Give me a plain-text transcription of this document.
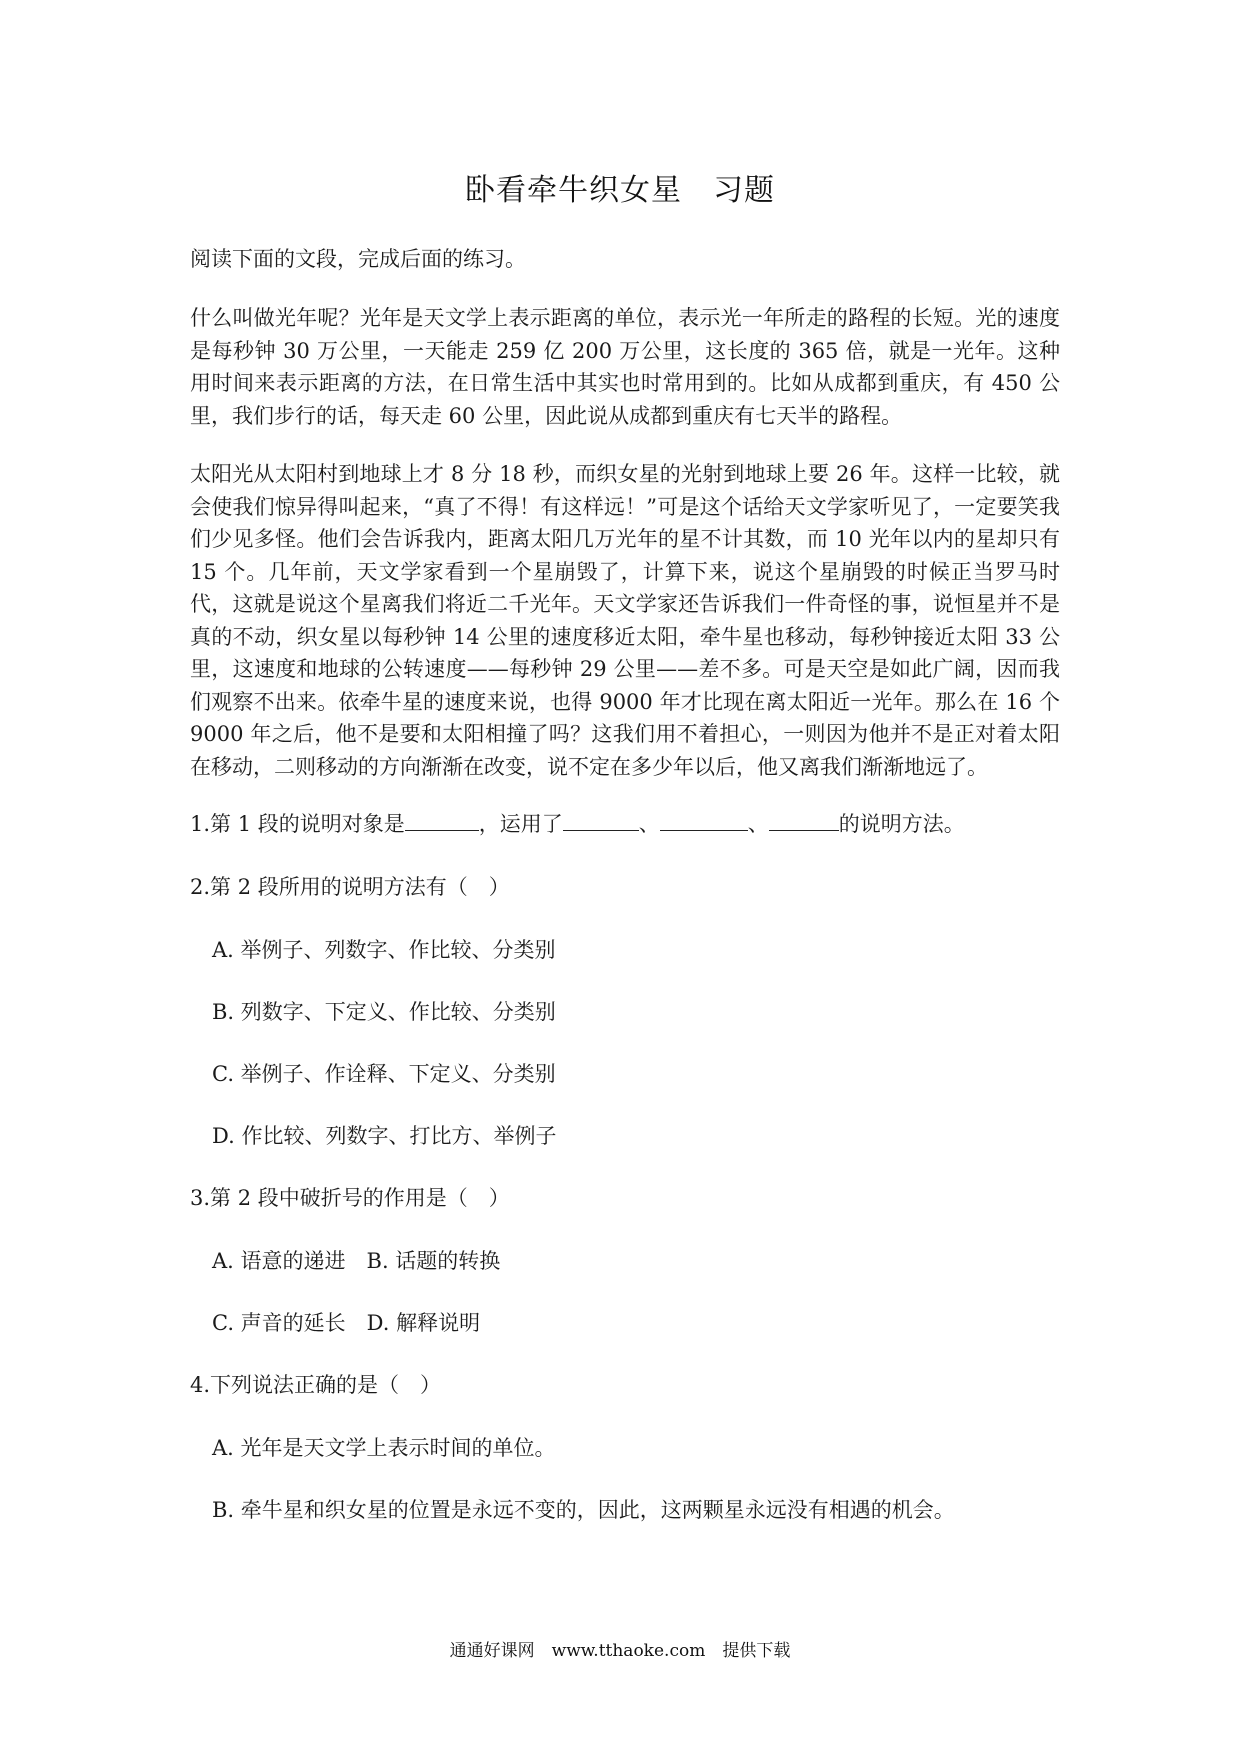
卧看牵牛织女星　习题

阅读下面的文段，完成后面的练习。

什么叫做光年呢？光年是天文学上表示距离的单位，表示光一年所走的路程的长短。光的速度是每秒钟 30 万公里，一天能走 259 亿 200 万公里，这长度的 365 倍，就是一光年。这种用时间来表示距离的方法，在日常生活中其实也时常用到的。比如从成都到重庆，有 450 公里，我们步行的话，每天走 60 公里，因此说从成都到重庆有七天半的路程。

太阳光从太阳村到地球上才 8 分 18 秒，而织女星的光射到地球上要 26 年。这样一比较，就会使我们惊异得叫起来，“真了不得！有这样远！”可是这个话给天文学家听见了，一定要笑我们少见多怪。他们会告诉我内，距离太阳几万光年的星不计其数，而 10 光年以内的星却只有 15 个。几年前，天文学家看到一个星崩毁了，计算下来，说这个星崩毁的时候正当罗马时代，这就是说这个星离我们将近二千光年。天文学家还告诉我们一件奇怪的事，说恒星并不是真的不动，织女星以每秒钟 14 公里的速度移近太阳，牵牛星也移动，每秒钟接近太阳 33 公里，这速度和地球的公转速度——每秒钟 29 公里——差不多。可是天空是如此广阔，因而我们观察不出来。依牵牛星的速度来说，也得 9000 年才比现在离太阳近一光年。那么在 16 个 9000 年之后，他不是要和太阳相撞了吗？这我们用不着担心，一则因为他并不是正对着太阳在移动，二则移动的方向渐渐在改变，说不定在多少年以后，他又离我们渐渐地远了。

1.第 1 段的说明对象是	，运用了	、	、	的说明方法。
2.第 2 段所用的说明方法有（　）
A. 举例子、列数字、作比较、分类别
B. 列数字、下定义、作比较、分类别
C. 举例子、作诠释、下定义、分类别
D. 作比较、列数字、打比方、举例子
3.第 2 段中破折号的作用是（　）
A. 语意的递进　B. 话题的转换
C. 声音的延长　D. 解释说明
4.下列说法正确的是（　）
A. 光年是天文学上表示时间的单位。
B. 牵牛星和织女星的位置是永远不变的，因此，这两颗星永远没有相遇的机会。
通通好课网　www.tthaoke.com　提供下载
